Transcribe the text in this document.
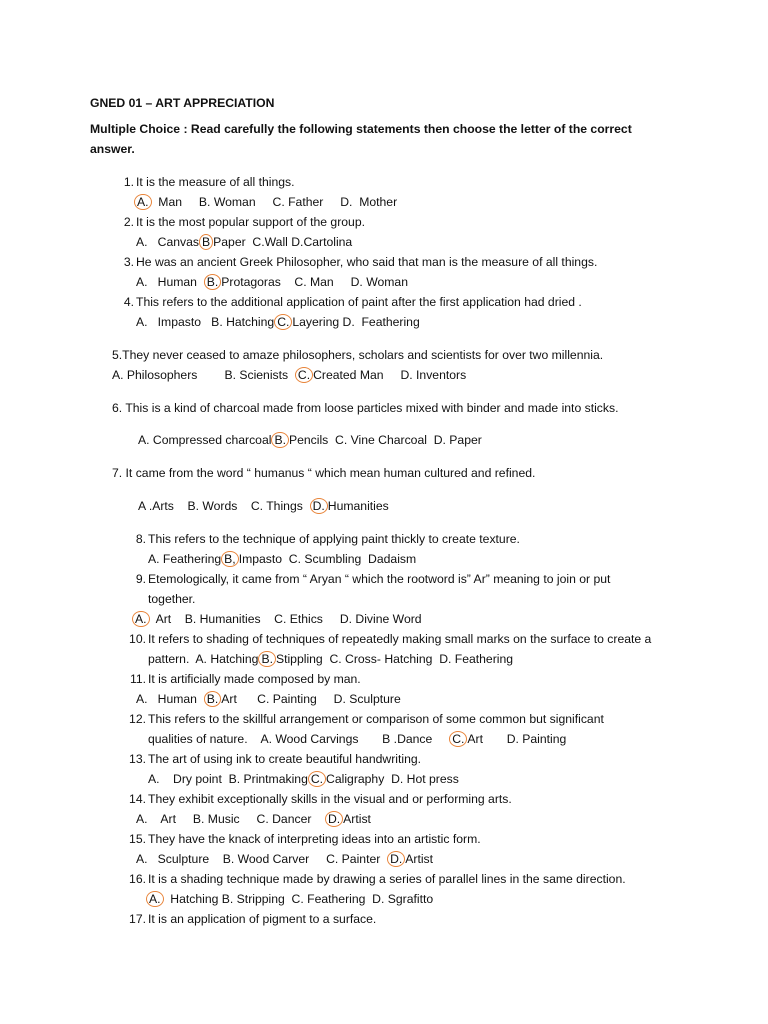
GNED 01 – ART APPRECIATION
Multiple Choice : Read carefully the following statements then choose the letter of the correct
answer.
1. It is the measure of all things.
A.  Man     B. Woman     C. Father     D.  Mother
2. It is the most popular support of the group.
A.   Canvas B Paper  C.Wall D.Cartolina
3. He was an ancient Greek Philosopher, who said that man is the measure of all things.
A.   Human  B. Protagoras    C. Man     D. Woman
4. This refers to the additional application of paint after the first application had dried .
A.   Impasto   B. Hatching C. Layering D.  Feathering
5.They never ceased to amaze philosophers, scholars and scientists for over two millennia.
A. Philosophers        B. Scienists  C. Created Man     D. Inventors
6. This is a kind of charcoal made from loose particles mixed with binder and made into sticks.
A. Compressed charcoal B. Pencils  C. Vine Charcoal  D. Paper
7. It came from the word “ humanus “ which mean human cultured and refined.
A .Arts    B. Words    C. Things  D. Humanities
8. This refers to the technique of applying paint thickly to create texture.
A. Feathering B, Impasto  C. Scumbling  Dadaism
9. Etemologically, it came from “ Aryan “ which the rootword is” Ar” meaning to join or put
together.
A.  Art    B. Humanities    C. Ethics     D. Divine Word
10. It refers to shading of techniques of repeatedly making small marks on the surface to create a
pattern.  A. Hatching B. Stippling  C. Cross- Hatching  D. Feathering
11. It is artificially made composed by man.
A.   Human  B. Art      C. Painting     D. Sculpture
12. This refers to the skillful arrangement or comparison of some common but significant
qualities of nature.    A. Wood Carvings       B .Dance     C. Art       D. Painting
13. The art of using ink to create beautiful handwriting.
A.    Dry point  B. Printmaking C. Caligraphy  D. Hot press
14. They exhibit exceptionally skills in the visual and or performing arts.
A.    Art     B. Music     C. Dancer    D. Artist
15. They have the knack of interpreting ideas into an artistic form.
A.   Sculpture    B. Wood Carver     C. Painter  D. Artist
16. It is a shading technique made by drawing a series of parallel lines in the same direction.
A.  Hatching B. Stripping  C. Feathering  D. Sgrafitto
17. It is an application of pigment to a surface.
